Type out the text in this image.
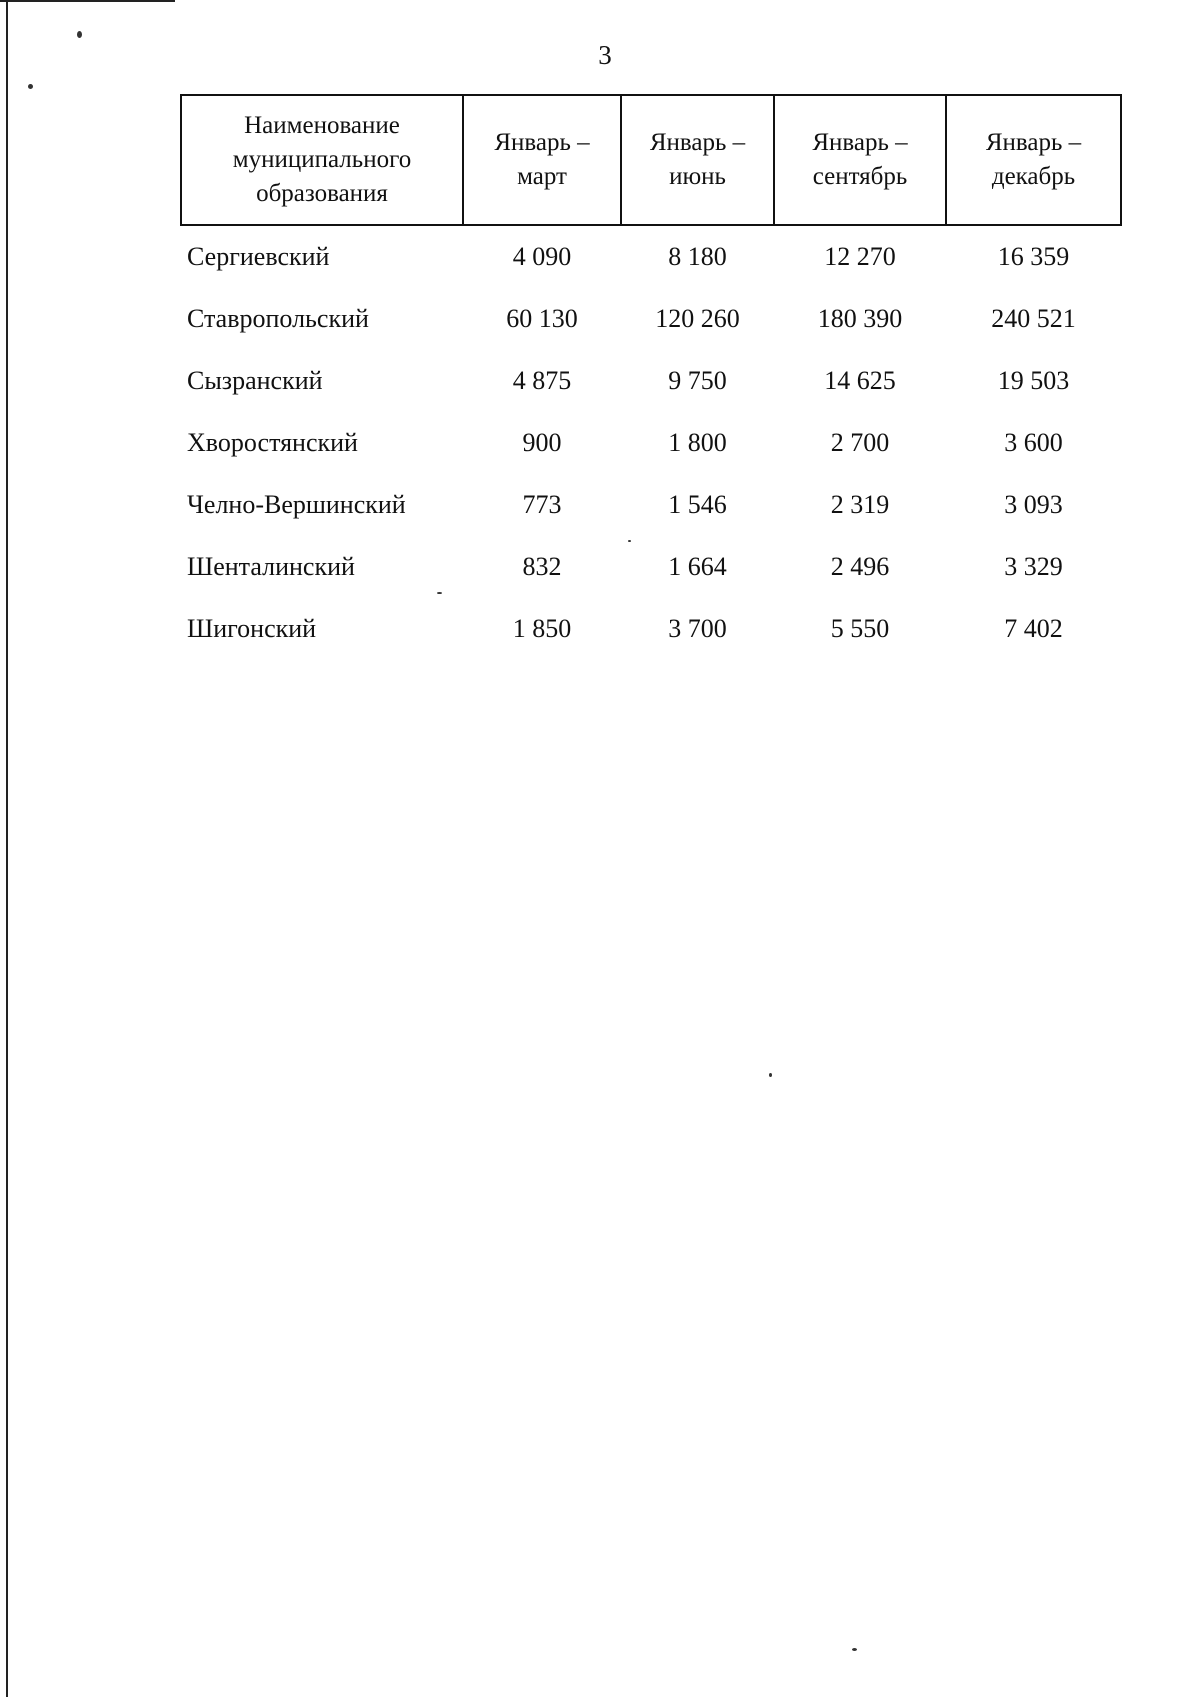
3
Наименование муниципального образования	Январь – март	Январь – июнь	Январь – сентябрь	Январь – декабрь
Сергиевский	4 090	8 180	12 270	16 359
Ставропольский	60 130	120 260	180 390	240 521
Сызранский	4 875	9 750	14 625	19 503
Хворостянский	900	1 800	2 700	3 600
Челно-Вершинский	773	1 546	2 319	3 093
Шенталинский	832	1 664	2 496	3 329
Шигонский	1 850	3 700	5 550	7 402
